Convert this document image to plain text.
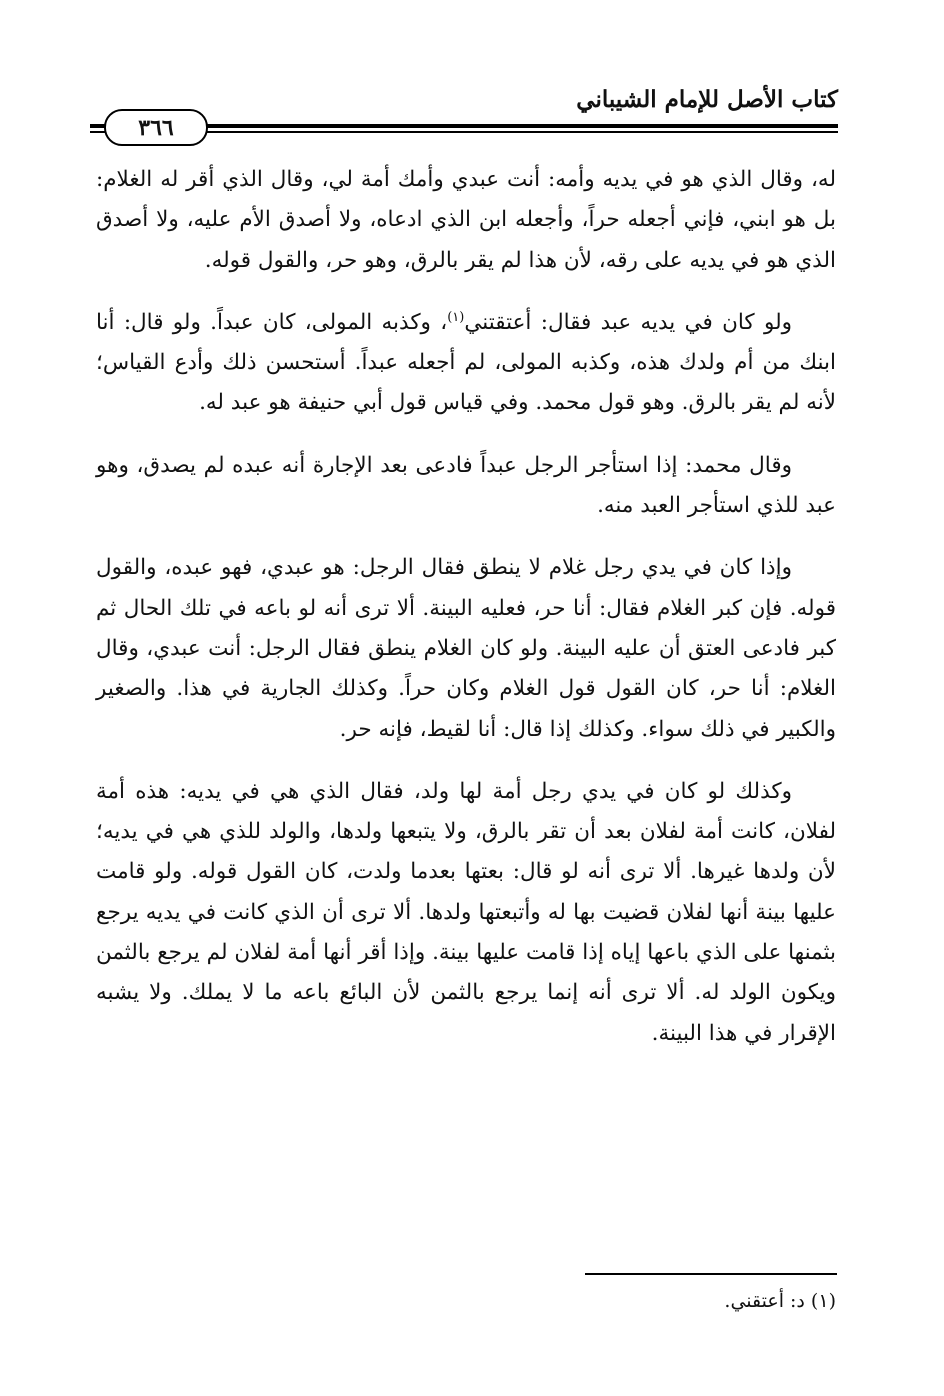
كتاب الأصل للإمام الشيباني
٣٦٦

له، وقال الذي هو في يديه وأمه: أنت عبدي وأمك أمة لي، وقال الذي أقر له الغلام: بل هو ابني، فإني أجعله حراً، وأجعله ابن الذي ادعاه، ولا أصدق الأم عليه، ولا أصدق الذي هو في يديه على رقه، لأن هذا لم يقر بالرق، وهو حر، والقول قوله.

ولو كان في يديه عبد فقال: أعتقتني$^{(١)}$، وكذبه المولى، كان عبداً. ولو قال: أنا ابنك من أم ولدك هذه، وكذبه المولى، لم أجعله عبداً. أستحسن ذلك وأدع القياس؛ لأنه لم يقر بالرق. وهو قول محمد. وفي قياس قول أبي حنيفة هو عبد له.

وقال محمد: إذا استأجر الرجل عبداً فادعى بعد الإجارة أنه عبده لم يصدق، وهو عبد للذي استأجر العبد منه.

وإذا كان في يدي رجل غلام لا ينطق فقال الرجل: هو عبدي، فهو عبده، والقول قوله. فإن كبر الغلام فقال: أنا حر، فعليه البينة. ألا ترى أنه لو باعه في تلك الحال ثم كبر فادعى العتق أن عليه البينة. ولو كان الغلام ينطق فقال الرجل: أنت عبدي، وقال الغلام: أنا حر، كان القول قول الغلام وكان حراً. وكذلك الجارية في هذا. والصغير والكبير في ذلك سواء. وكذلك إذا قال: أنا لقيط، فإنه حر.

وكذلك لو كان في يدي رجل أمة لها ولد، فقال الذي هي في يديه: هذه أمة لفلان، كانت أمة لفلان بعد أن تقر بالرق، ولا يتبعها ولدها، والولد للذي هي في يديه؛ لأن ولدها غيرها. ألا ترى أنه لو قال: بعتها بعدما ولدت، كان القول قوله. ولو قامت عليها بينة أنها لفلان قضيت بها له وأتبعتها ولدها. ألا ترى أن الذي كانت في يديه يرجع بثمنها على الذي باعها إياه إذا قامت عليها بينة. وإذا أقر أنها أمة لفلان لم يرجع بالثمن ويكون الولد له. ألا ترى أنه إنما يرجع بالثمن لأن البائع باعه ما لا يملك. ولا يشبه الإقرار في هذا البينة.

(١) د: أعتقني.
